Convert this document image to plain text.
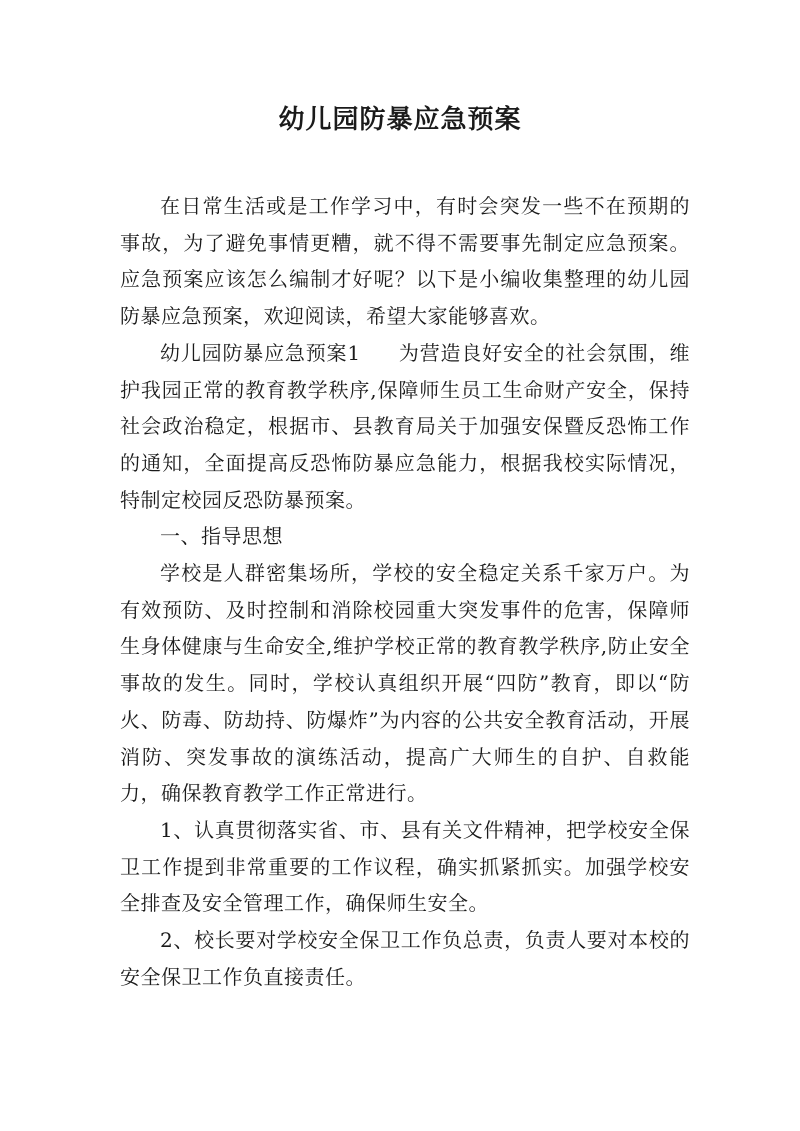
幼儿园防暴应急预案

在日常生活或是工作学习中，有时会突发一些不在预期的事故，为了避免事情更糟，就不得不需要事先制定应急预案。应急预案应该怎么编制才好呢？以下是小编收集整理的幼儿园防暴应急预案，欢迎阅读，希望大家能够喜欢。

幼儿园防暴应急预案1 为营造良好安全的社会氛围，维护我园正常的教育教学秩序,保障师生员工生命财产安全，保持社会政治稳定，根据市、县教育局关于加强安保暨反恐怖工作的通知，全面提高反恐怖防暴应急能力，根据我校实际情况，特制定校园反恐防暴预案。

一、指导思想

学校是人群密集场所，学校的安全稳定关系千家万户。为有效预防、及时控制和消除校园重大突发事件的危害，保障师生身体健康与生命安全,维护学校正常的教育教学秩序,防止安全事故的发生。同时，学校认真组织开展“四防”教育，即以“防火、防毒、防劫持、防爆炸”为内容的公共安全教育活动，开展消防、突发事故的演练活动，提高广大师生的自护、自救能力，确保教育教学工作正常进行。

1、认真贯彻落实省、市、县有关文件精神，把学校安全保卫工作提到非常重要的工作议程，确实抓紧抓实。加强学校安全排查及安全管理工作，确保师生安全。

2、校长要对学校安全保卫工作负总责，负责人要对本校的安全保卫工作负直接责任。
